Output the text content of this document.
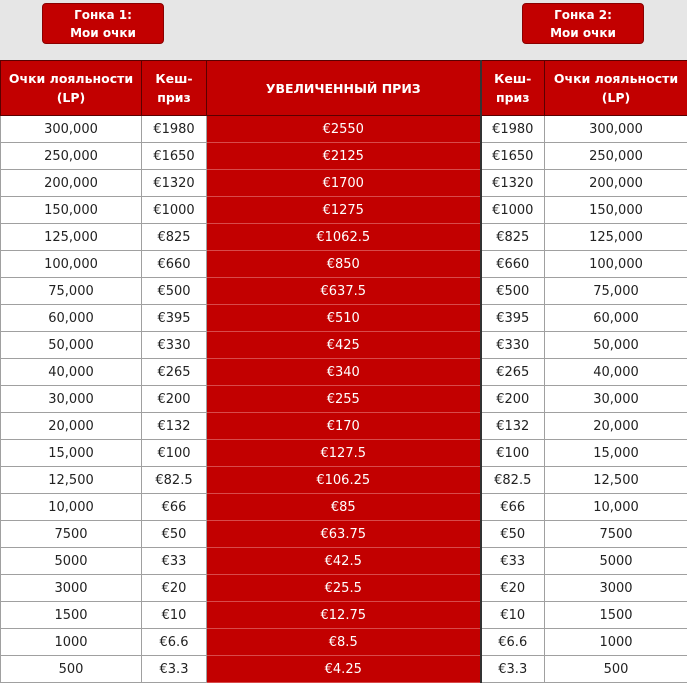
Гонка 1:
Мои очки
Гонка 2:
Мои очки
Очки лояльности (LP)	Кеш-приз	УВЕЛИЧЕННЫЙ ПРИЗ	Кеш-приз	Очки лояльности (LP)
300,000	€1980	€2550	€1980	300,000
250,000	€1650	€2125	€1650	250,000
200,000	€1320	€1700	€1320	200,000
150,000	€1000	€1275	€1000	150,000
125,000	€825	€1062.5	€825	125,000
100,000	€660	€850	€660	100,000
75,000	€500	€637.5	€500	75,000
60,000	€395	€510	€395	60,000
50,000	€330	€425	€330	50,000
40,000	€265	€340	€265	40,000
30,000	€200	€255	€200	30,000
20,000	€132	€170	€132	20,000
15,000	€100	€127.5	€100	15,000
12,500	€82.5	€106.25	€82.5	12,500
10,000	€66	€85	€66	10,000
7500	€50	€63.75	€50	7500
5000	€33	€42.5	€33	5000
3000	€20	€25.5	€20	3000
1500	€10	€12.75	€10	1500
1000	€6.6	€8.5	€6.6	1000
500	€3.3	€4.25	€3.3	500
